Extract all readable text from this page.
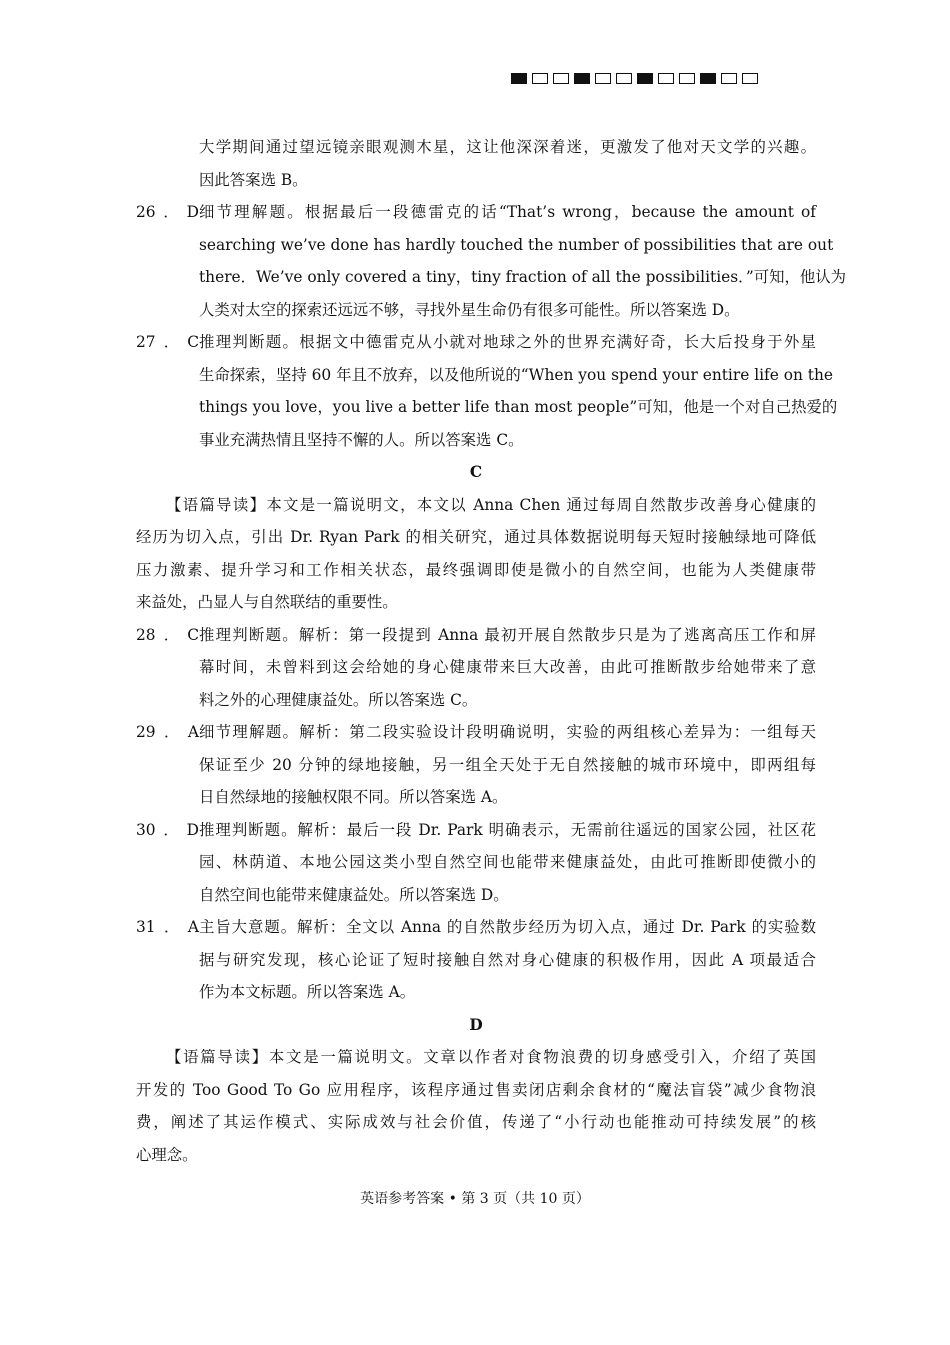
大学期间通过望远镜亲眼观测木星，这让他深深着迷，更激发了他对天文学的兴趣。
因此答案选 B。
26．D细节理解题。根据最后一段德雷克的话“That’s wrong，because the amount of
searching we’ve done has hardly touched the number of possibilities that are out
there．We’ve only covered a tiny，tiny fraction of all the possibilities．”可知，他认为
人类对太空的探索还远远不够，寻找外星生命仍有很多可能性。所以答案选 D。
27．C推理判断题。根据文中德雷克从小就对地球之外的世界充满好奇，长大后投身于外星
生命探索，坚持 60 年且不放弃，以及他所说的“When you spend your entire life on the
things you love，you live a better life than most people”可知，他是一个对自己热爱的
事业充满热情且坚持不懈的人。所以答案选 C。
C
【语篇导读】本文是一篇说明文，本文以 Anna Chen 通过每周自然散步改善身心健康的
经历为切入点，引出 Dr. Ryan Park 的相关研究，通过具体数据说明每天短时接触绿地可降低
压力激素、提升学习和工作相关状态，最终强调即使是微小的自然空间，也能为人类健康带
来益处，凸显人与自然联结的重要性。
28．C推理判断题。解析：第一段提到 Anna 最初开展自然散步只是为了逃离高压工作和屏
幕时间，未曾料到这会给她的身心健康带来巨大改善，由此可推断散步给她带来了意
料之外的心理健康益处。所以答案选 C。
29．A细节理解题。解析：第二段实验设计段明确说明，实验的两组核心差异为：一组每天
保证至少 20 分钟的绿地接触，另一组全天处于无自然接触的城市环境中，即两组每
日自然绿地的接触权限不同。所以答案选 A。
30．D推理判断题。解析：最后一段 Dr. Park 明确表示，无需前往遥远的国家公园，社区花
园、林荫道、本地公园这类小型自然空间也能带来健康益处，由此可推断即使微小的
自然空间也能带来健康益处。所以答案选 D。
31．A主旨大意题。解析：全文以 Anna 的自然散步经历为切入点，通过 Dr. Park 的实验数
据与研究发现，核心论证了短时接触自然对身心健康的积极作用，因此 A 项最适合
作为本文标题。所以答案选 A。
D
【语篇导读】本文是一篇说明文。文章以作者对食物浪费的切身感受引入，介绍了英国
开发的 Too Good To Go 应用程序，该程序通过售卖闭店剩余食材的“魔法盲袋”减少食物浪
费，阐述了其运作模式、实际成效与社会价值，传递了“小行动也能推动可持续发展”的核
心理念。
英语参考答案 • 第 3 页（共 10 页）
